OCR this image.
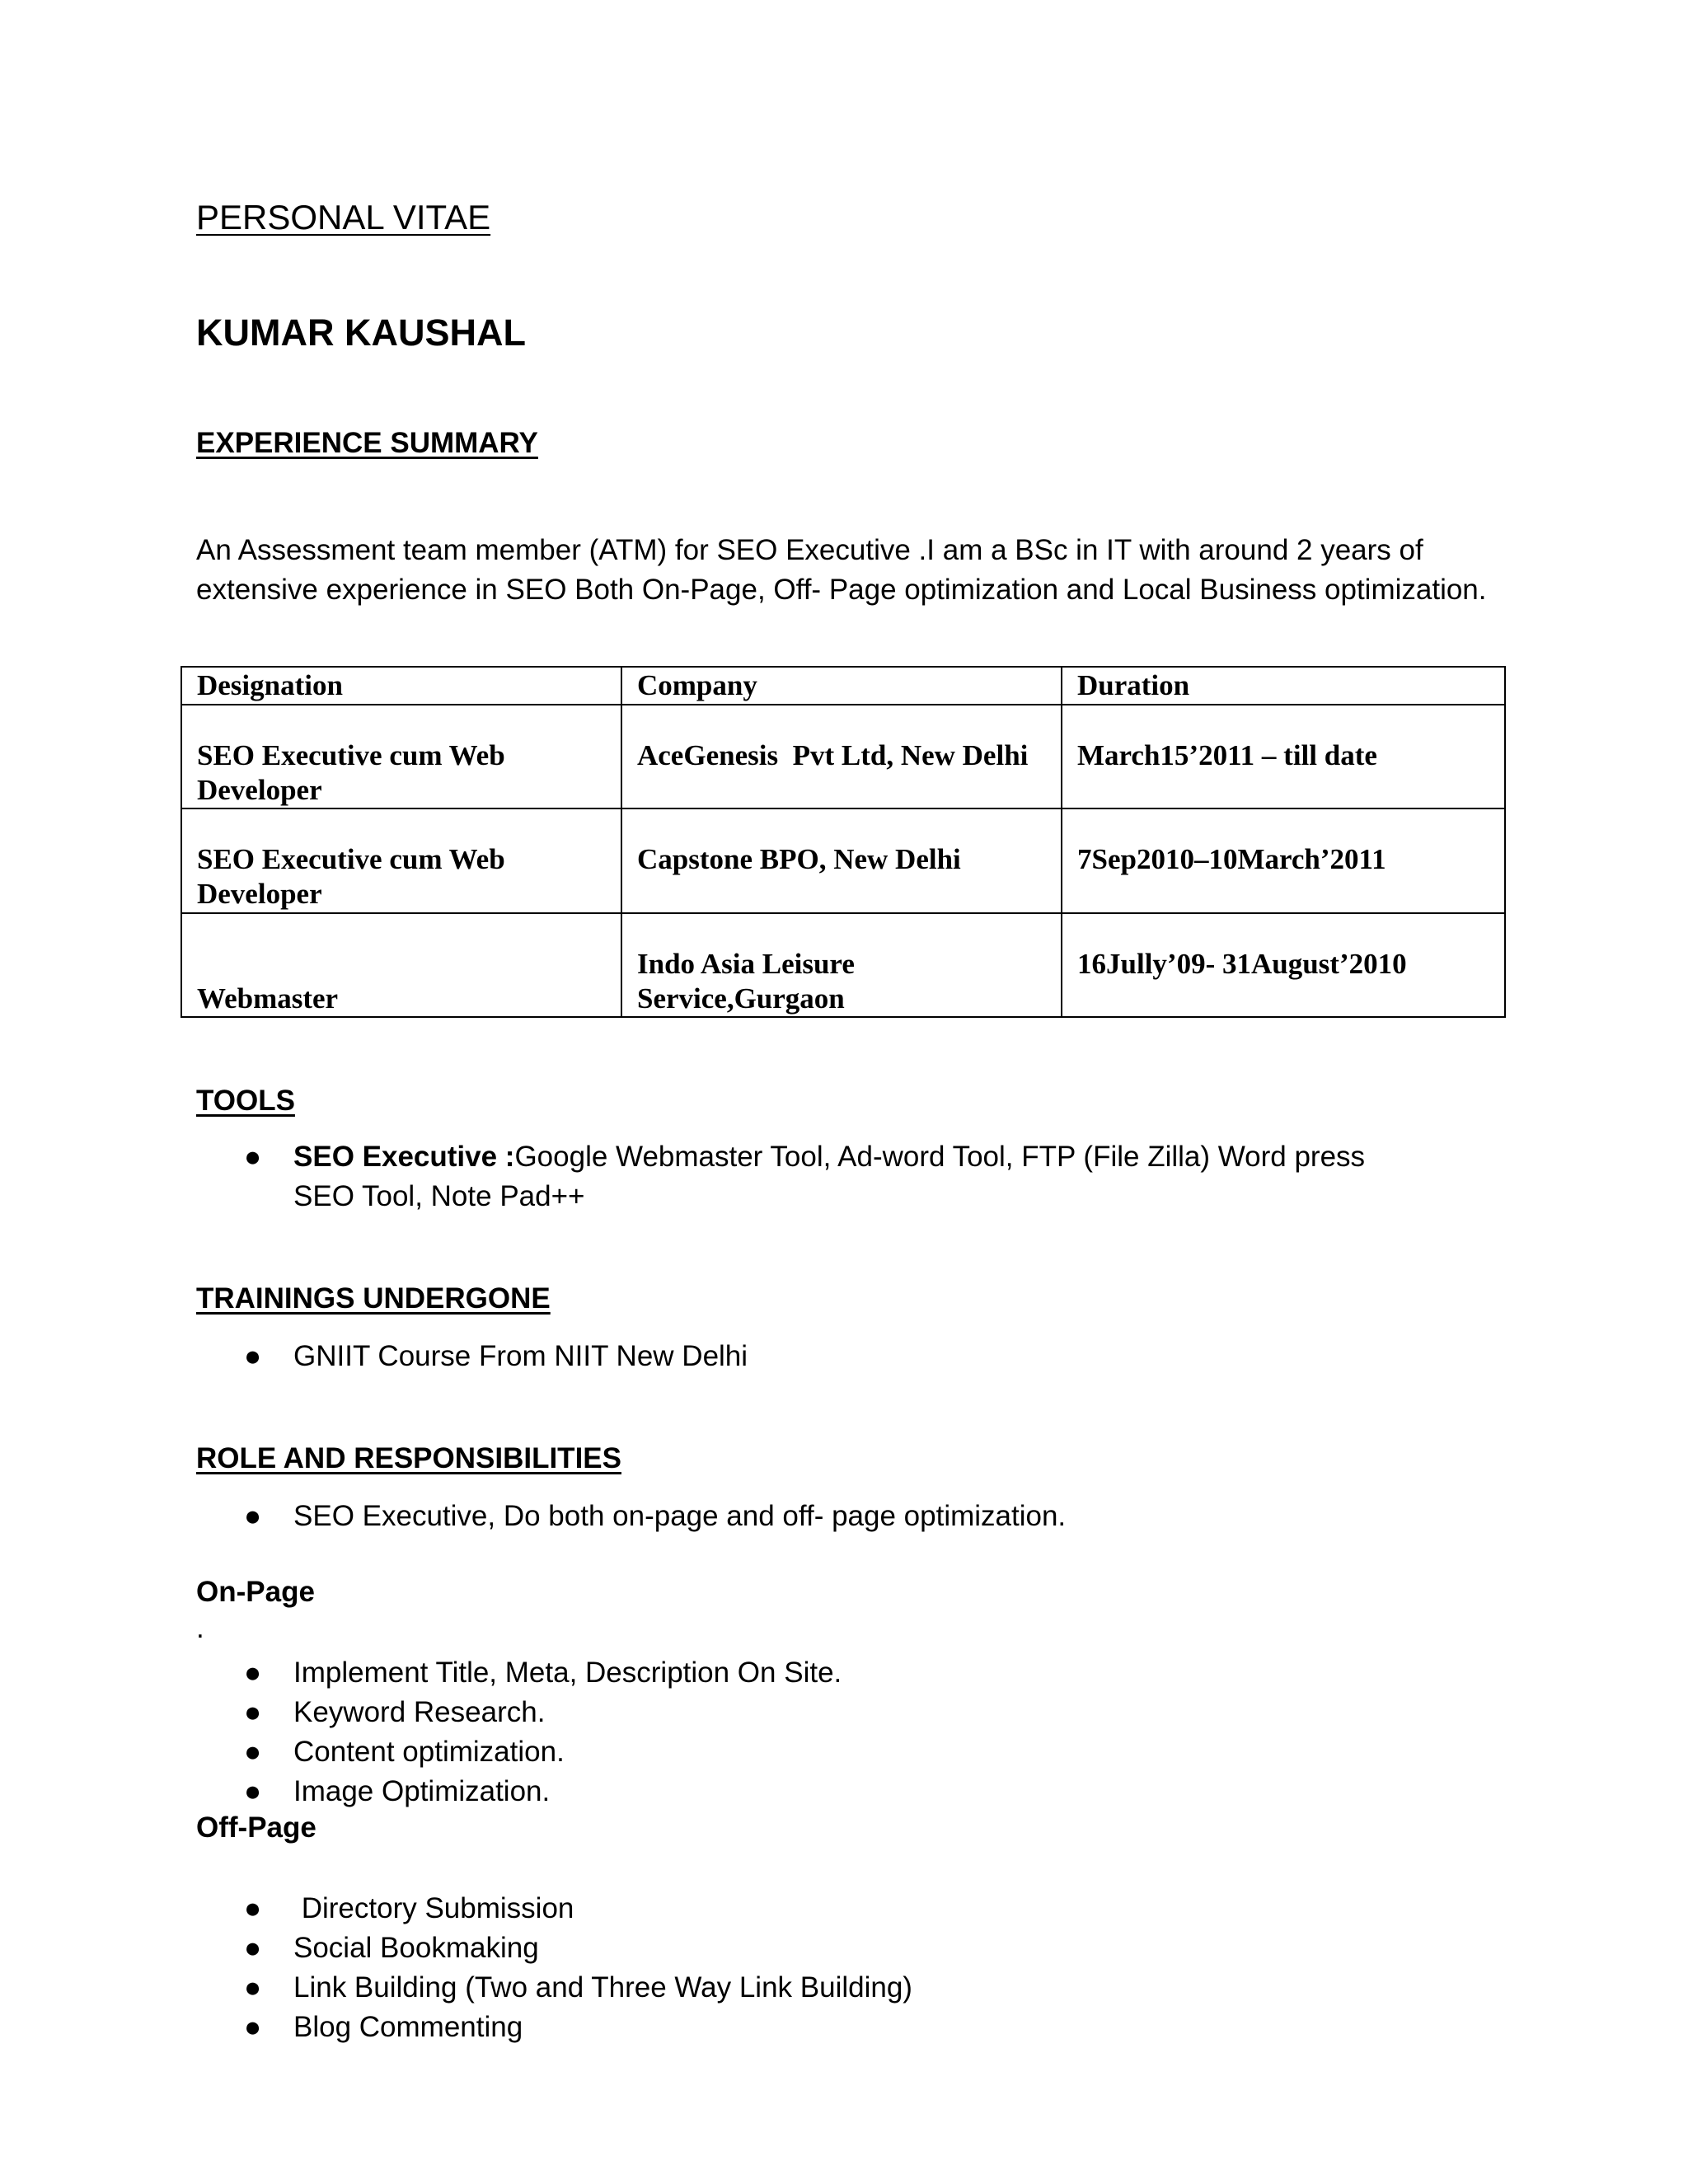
PERSONAL VITAE
KUMAR KAUSHAL
EXPERIENCE SUMMARY
An Assessment team member (ATM) for SEO Executive .I am a BSc in IT with around 2 years of extensive experience in SEO Both On-Page, Off- Page optimization and Local Business optimization.
Designation	Company	Duration

SEO Executive cum Web Developer	AceGenesis  Pvt Ltd, New Delhi	March15’2011 – till date

SEO Executive cum Web Developer	Capstone BPO, New Delhi	7Sep2010–10March’2011

Webmaster	Indo Asia Leisure Service,Gurgaon	16Jully’09- 31August’2010
TOOLS
● SEO Executive :Google Webmaster Tool, Ad-word Tool, FTP (File Zilla) Word press SEO Tool, Note Pad++
TRAININGS UNDERGONE
● GNIIT Course From NIIT New Delhi
ROLE AND RESPONSIBILITIES
● SEO Executive, Do both on-page and off- page optimization.
On-Page
.
● Implement Title, Meta, Description On Site.
● Keyword Research.
● Content optimization.
● Image Optimization.
Off-Page
● Directory Submission
● Social Bookmaking
● Link Building (Two and Three Way Link Building)
● Blog Commenting
